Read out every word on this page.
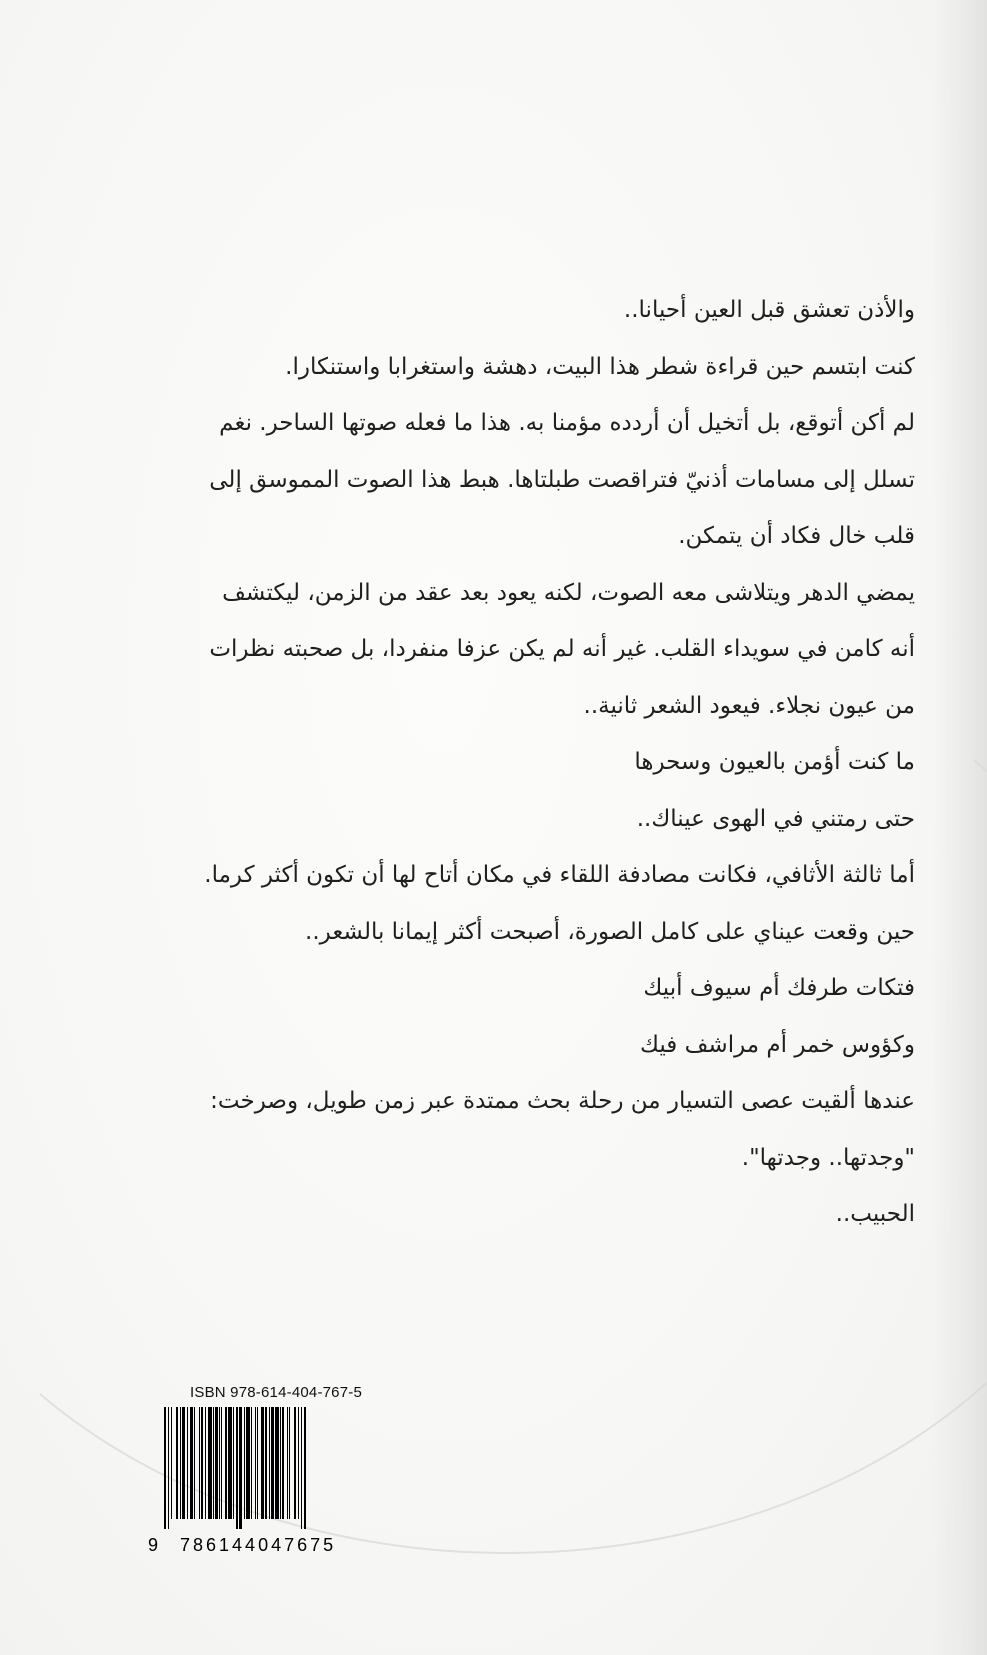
والأذن تعشق قبل العين أحيانا..
كنت ابتسم حين قراءة شطر هذا البيت، دهشة واستغرابا واستنكارا.
لم أكن أتوقع، بل أتخيل أن أردده مؤمنا به. هذا ما فعله صوتها الساحر. نغم
تسلل إلى مسامات أذنيّ فتراقصت طبلتاها. هبط هذا الصوت المموسق إلى
قلب خال فكاد أن يتمكن.
يمضي الدهر ويتلاشى معه الصوت، لكنه يعود بعد عقد من الزمن، ليكتشف
أنه كامن في سويداء القلب. غير أنه لم يكن عزفا منفردا، بل صحبته نظرات
من عيون نجلاء. فيعود الشعر ثانية..
ما كنت أؤمن بالعيون وسحرها
حتى رمتني في الهوى عيناك..
أما ثالثة الأثافي، فكانت مصادفة اللقاء في مكان أتاح لها أن تكون أكثر كرما.
حين وقعت عيناي على كامل الصورة، أصبحت أكثر إيمانا بالشعر..
فتكات طرفك أم سيوف أبيك
وكؤوس خمر أم مراشف فيك
عندها ألقيت عصى التسيار من رحلة بحث ممتدة عبر زمن طويل، وصرخت:
"وجدتها.. وجدتها".
الحبيب..
ISBN 978-614-404-767-5
9 786144047675
